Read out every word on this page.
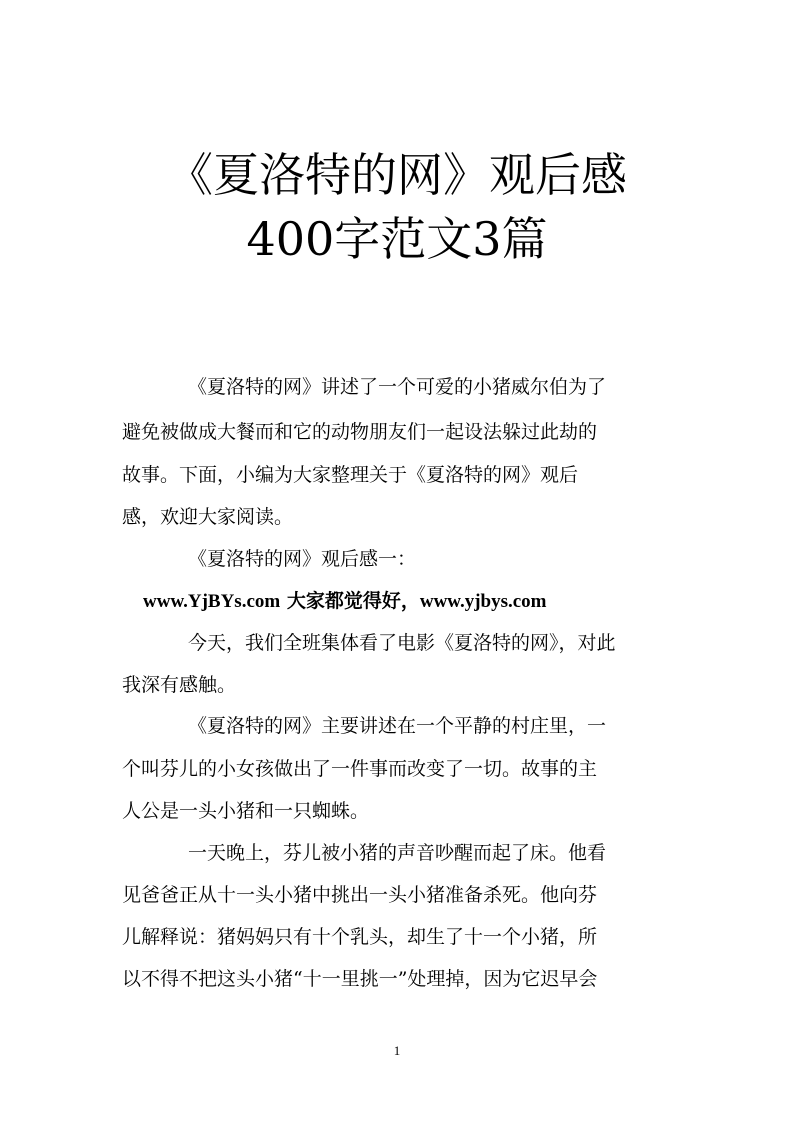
《夏洛特的网》观后感
400字范文3篇
《夏洛特的网》讲述了一个可爱的小猪威尔伯为了
避免被做成大餐而和它的动物朋友们一起设法躲过此劫的
故事。下面，小编为大家整理关于《夏洛特的网》观后
感，欢迎大家阅读。
《夏洛特的网》观后感一：
www.YjBYs.com 大家都觉得好，www.yjbys.com
今天，我们全班集体看了电影《夏洛特的网》，对此
我深有感触。
《夏洛特的网》主要讲述在一个平静的村庄里，一
个叫芬儿的小女孩做出了一件事而改变了一切。故事的主
人公是一头小猪和一只蜘蛛。
一天晚上，芬儿被小猪的声音吵醒而起了床。他看
见爸爸正从十一头小猪中挑出一头小猪准备杀死。他向芬
儿解释说：猪妈妈只有十个乳头，却生了十一个小猪，所
以不得不把这头小猪“十一里挑一”处理掉，因为它迟早会
1
